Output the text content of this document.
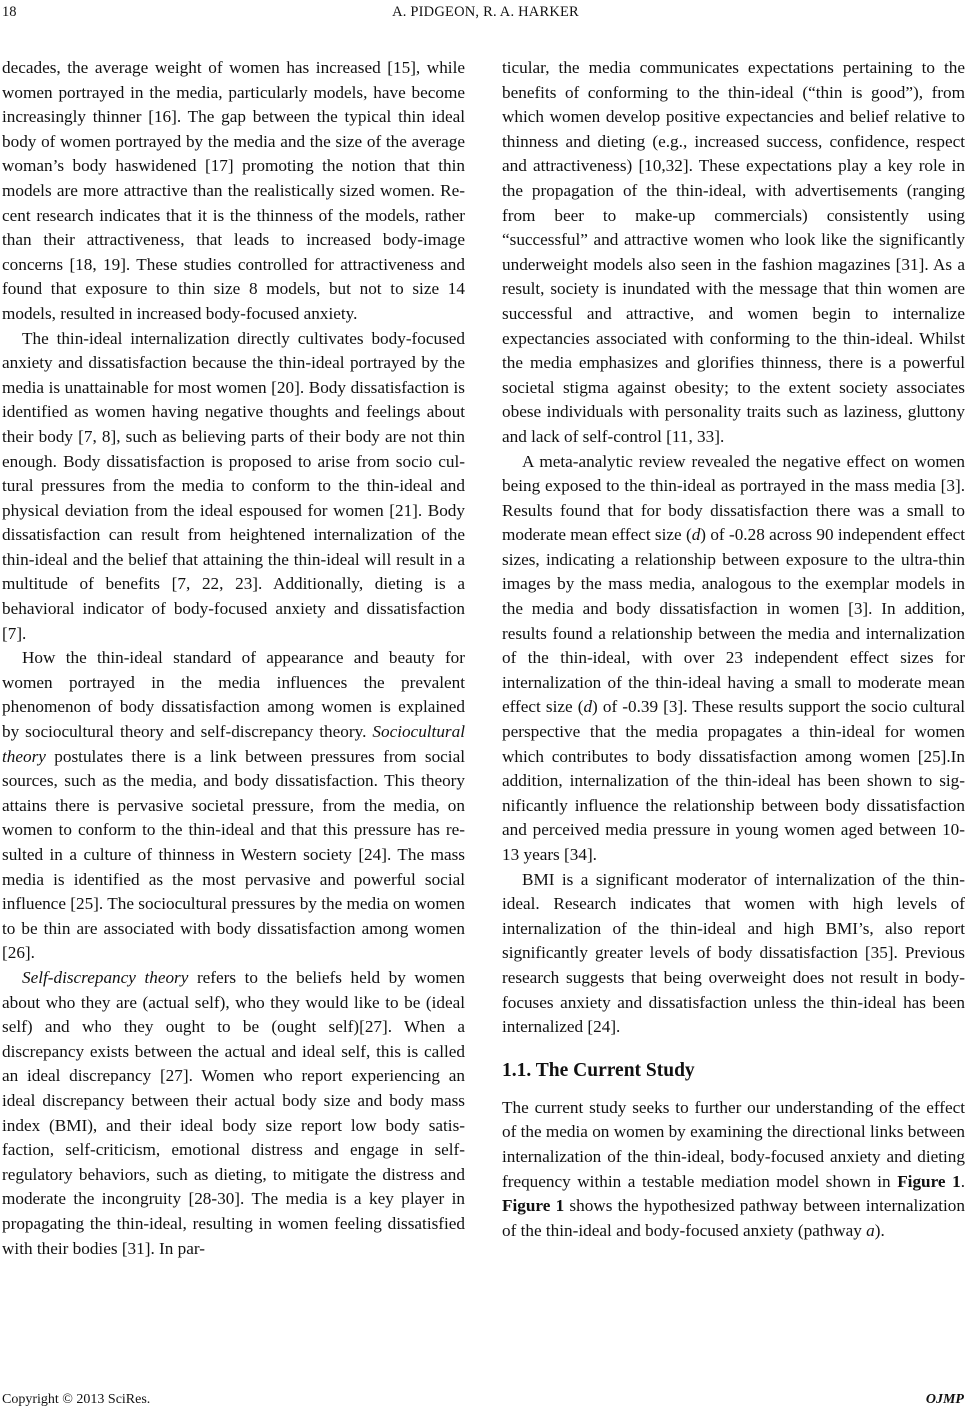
18	A. PIDGEON, R. A. HARKER

decades, the average weight of women has increased [15], while women portrayed in the media, particularly models, have become increasingly thinner [16]. The gap between the typical thin ideal body of women portrayed by the media and the size of the average woman’s body haswidened [17] promoting the notion that thin models are more attractive than the realistically sized women. Recent research indicates that it is the thinness of the models, rather than their attractiveness, that leads to increased body-image concerns [18, 19]. These studies controlled for attractiveness and found that exposure to thin size 8 models, but not to size 14 models, resulted in increased body-focused anxiety.

The thin-ideal internalization directly cultivates body-focused anxiety and dissatisfaction because the thin-ideal portrayed by the media is unattainable for most women [20]. Body dissatisfaction is identified as women having negative thoughts and feelings about their body [7, 8], such as believing parts of their body are not thin enough. Body dissatisfaction is proposed to arise from socio cultural pressures from the media to conform to the thin-ideal and physical deviation from the ideal espoused for women [21]. Body dissatisfaction can result from heightened internalization of the thin-ideal and the belief that attaining the thin-ideal will result in a multitude of benefits [7, 22, 23]. Additionally, dieting is a behavioral indicator of body-focused anxiety and dissatisfaction [7].

How the thin-ideal standard of appearance and beauty for women portrayed in the media influences the prevalent phenomenon of body dissatisfaction among women is explained by sociocultural theory and self-discrepancy theory. Sociocultural theory postulates there is a link between pressures from social sources, such as the media, and body dissatisfaction. This theory attains there is pervasive societal pressure, from the media, on women to conform to the thin-ideal and that this pressure has resulted in a culture of thinness in Western society [24]. The mass media is identified as the most pervasive and powerful social influence [25]. The sociocultural pressures by the media on women to be thin are associated with body dissatisfaction among women [26].

Self-discrepancy theory refers to the beliefs held by women about who they are (actual self), who they would like to be (ideal self) and who they ought to be (ought self)[27]. When a discrepancy exists between the actual and ideal self, this is called an ideal discrepancy [27]. Women who report experiencing an ideal discrepancy between their actual body size and body mass index (BMI), and their ideal body size report low body satisfaction, self-criticism, emotional distress and engage in self-regulatory behaviors, such as dieting, to mitigate the distress and moderate the incongruity [28-30]. The media is a key player in propagating the thin-ideal, resulting in women feeling dissatisfied with their bodies [31]. In par-

ticular, the media communicates expectations pertaining to the benefits of conforming to the thin-ideal (“thin is good”), from which women develop positive expectancies and belief relative to thinness and dieting (e.g., increased success, confidence, respect and attractiveness) [10,32]. These expectations play a key role in the propagation of the thin-ideal, with advertisements (ranging from beer to make-up commercials) consistently using “successful” and attractive women who look like the significantly underweight models also seen in the fashion magazines [31]. As a result, society is inundated with the message that thin women are successful and attractive, and women begin to internalize expectancies associated with conforming to the thin-ideal. Whilst the media emphasizes and glorifies thinness, there is a powerful societal stigma against obesity; to the extent society associates obese individuals with personality traits such as laziness, gluttony and lack of self-control [11, 33].

A meta-analytic review revealed the negative effect on women being exposed to the thin-ideal as portrayed in the mass media [3]. Results found that for body dissatisfaction there was a small to moderate mean effect size (d) of -0.28 across 90 independent effect sizes, indicating a relationship between exposure to the ultra-thin images by the mass media, analogous to the exemplar models in the media and body dissatisfaction in women [3]. In addition, results found a relationship between the media and internalization of the thin-ideal, with over 23 independent effect sizes for internalization of the thin-ideal having a small to moderate mean effect size (d) of -0.39 [3]. These results support the socio cultural perspective that the media propagates a thin-ideal for women which contributes to body dissatisfaction among women [25].In addition, internalization of the thin-ideal has been shown to significantly influence the relationship between body dissatisfaction and perceived media pressure in young women aged between 10-13 years [34].

BMI is a significant moderator of internalization of the thin-ideal. Research indicates that women with high levels of internalization of the thin-ideal and high BMI’s, also report significantly greater levels of body dissatisfaction [35]. Previous research suggests that being overweight does not result in body-focuses anxiety and dissatisfaction unless the thin-ideal has been internalized [24].

1.1. The Current Study

The current study seeks to further our understanding of the effect of the media on women by examining the directional links between internalization of the thin-ideal, body-focused anxiety and dieting frequency within a testable mediation model shown in Figure 1. Figure 1 shows the hypothesized pathway between internalization of the thin-ideal and body-focused anxiety (pathway a).

Copyright © 2013 SciRes.	OJMP
